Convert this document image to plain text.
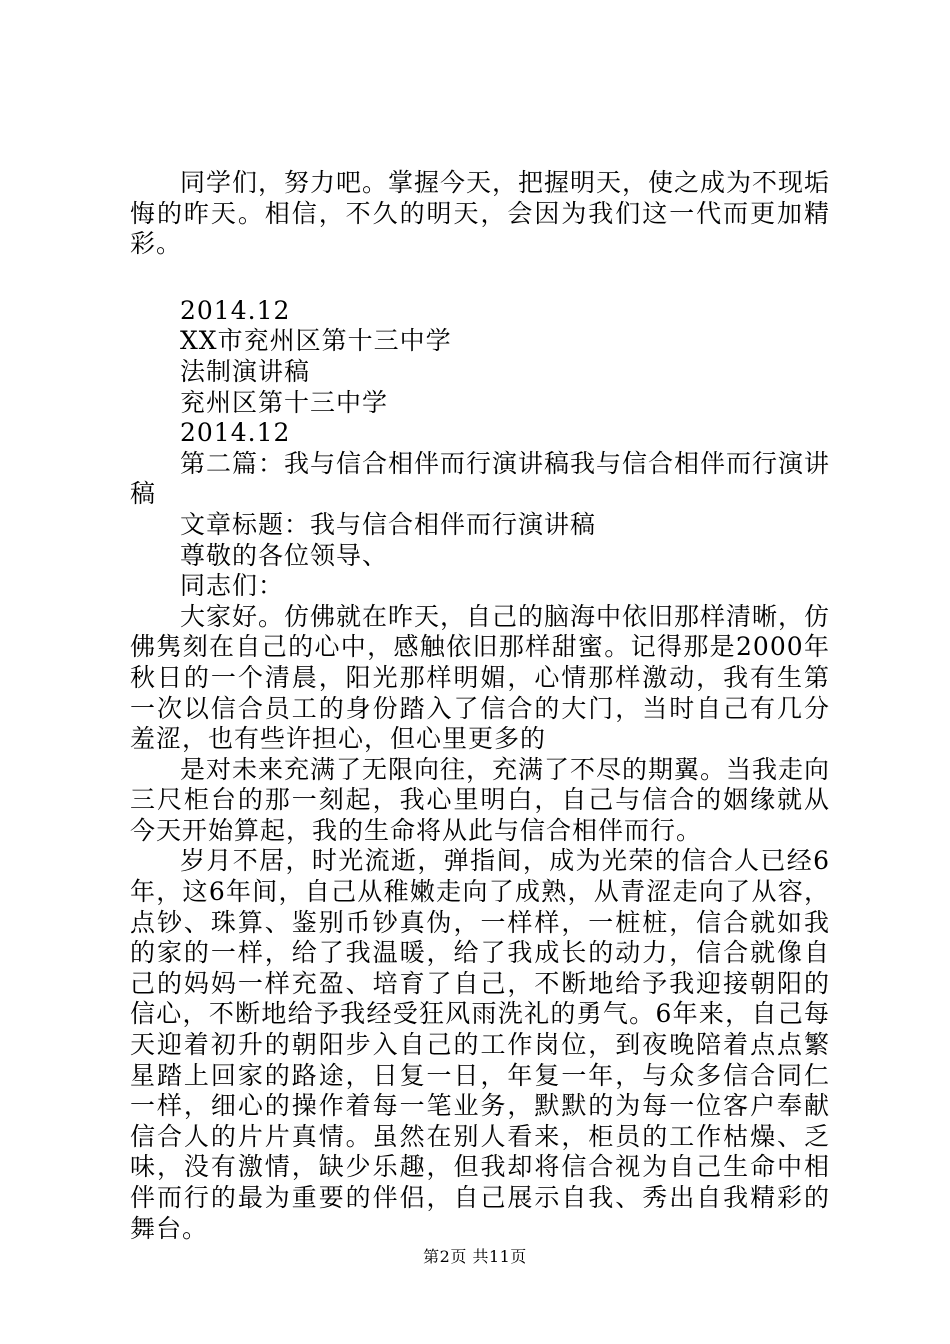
同学们，努力吧。掌握今天，把握明天，使之成为不现垢悔的昨天。相信，不久的明天，会因为我们这一代而更加精彩。

2014.12

XX市兖州区第十三中学

法制演讲稿

兖州区第十三中学

2014.12

第二篇：我与信合相伴而行演讲稿我与信合相伴而行演讲稿

文章标题：我与信合相伴而行演讲稿

尊敬的各位领导、

同志们：

大家好。仿佛就在昨天，自己的脑海中依旧那样清晰，仿佛隽刻在自己的心中，感触依旧那样甜蜜。记得那是2000年秋日的一个清晨，阳光那样明媚，心情那样激动，我有生第一次以信合员工的身份踏入了信合的大门，当时自己有几分羞涩，也有些许担心，但心里更多的

是对未来充满了无限向往，充满了不尽的期翼。当我走向三尺柜台的那一刻起，我心里明白，自己与信合的姻缘就从今天开始算起，我的生命将从此与信合相伴而行。

岁月不居，时光流逝，弹指间，成为光荣的信合人已经6年，这6年间，自己从稚嫩走向了成熟，从青涩走向了从容，点钞、珠算、鉴别币钞真伪，一样样，一桩桩，信合就如我的家的一样，给了我温暖，给了我成长的动力，信合就像自己的妈妈一样充盈、培育了自己，不断地给予我迎接朝阳的信心，不断地给予我经受狂风雨洗礼的勇气。6年来，自己每天迎着初升的朝阳步入自己的工作岗位，到夜晚陪着点点繁星踏上回家的路途，日复一日，年复一年，与众多信合同仁一样，细心的操作着每一笔业务，默默的为每一位客户奉献信合人的片片真情。虽然在别人看来，柜员的工作枯燥、乏味，没有激情，缺少乐趣，但我却将信合视为自己生命中相伴而行的最为重要的伴侣，自己展示自我、秀出自我精彩的舞台。

第2页 共11页
